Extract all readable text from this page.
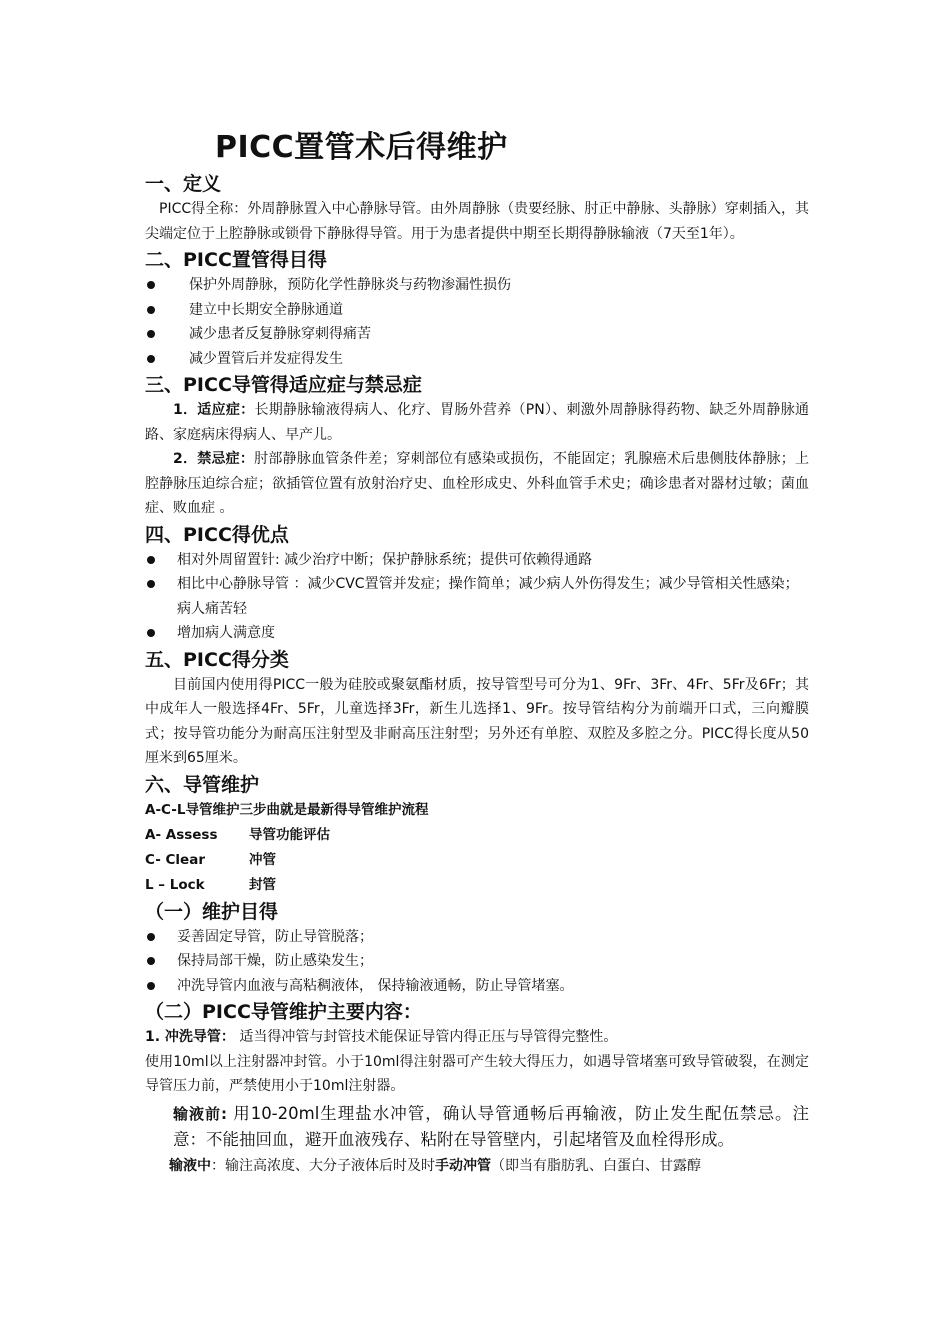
PICC置管术后得维护
一、定义

PICC得全称：外周静脉置入中心静脉导管。由外周静脉（贵要经脉、肘正中静脉、头静脉）穿刺插入，其尖端定位于上腔静脉或锁骨下静脉得导管。用于为患者提供中期至长期得静脉输液（7天至1年）。

二、PICC置管得目得
保护外周静脉，预防化学性静脉炎与药物渗漏性损伤
建立中长期安全静脉通道
减少患者反复静脉穿刺得痛苦
减少置管后并发症得发生
三、PICC导管得适应症与禁忌症

1．适应症：长期静脉输液得病人、化疗、胃肠外营养（PN）、刺激外周静脉得药物、缺乏外周静脉通路、家庭病床得病人、早产儿。

2．禁忌症：肘部静脉血管条件差；穿刺部位有感染或损伤，不能固定；乳腺癌术后患侧肢体静脉；上腔静脉压迫综合症；欲插管位置有放射治疗史、血栓形成史、外科血管手术史；确诊患者对器材过敏；菌血症、败血症 。

四、PICC得优点
相对外周留置针: 减少治疗中断；保护静脉系统；提供可依赖得通路
相比中心静脉导管 ：减少CVC置管并发症；操作简单；减少病人外伤得发生；减少导管相关性感染；病人痛苦轻
增加病人满意度
五、PICC得分类

目前国内使用得PICC一般为硅胶或聚氨酯材质，按导管型号可分为1、9Fr、3Fr、4Fr、5Fr及6Fr；其中成年人一般选择4Fr、5Fr，儿童选择3Fr，新生儿选择1、9Fr。按导管结构分为前端开口式，三向瓣膜式；按导管功能分为耐高压注射型及非耐高压注射型；另外还有单腔、双腔及多腔之分。PICC得长度从50厘米到65厘米。

六、导管维护

A-C-L导管维护三步曲就是最新得导管维护流程

A- Assess	导管功能评估
C- Clear	冲管
L – Lock	封管
（一）维护目得
妥善固定导管，防止导管脱落；
保持局部干燥，防止感染发生；
冲洗导管内血液与高粘稠液体， 保持输液通畅，防止导管堵塞。
（二）PICC导管维护主要内容：

1. 冲洗导管： 适当得冲管与封管技术能保证导管内得正压与导管得完整性。

使用10ml以上注射器冲封管。小于10ml得注射器可产生较大得压力，如遇导管堵塞可致导管破裂，在测定导管压力前，严禁使用小于10ml注射器。

输液前: 用10-20ml生理盐水冲管，确认导管通畅后再输液，防止发生配伍禁忌。注意：不能抽回血，避开血液残存、粘附在导管壁内，引起堵管及血栓得形成。

输液中：输注高浓度、大分子液体后时及时手动冲管（即当有脂肪乳、白蛋白、甘露醇
